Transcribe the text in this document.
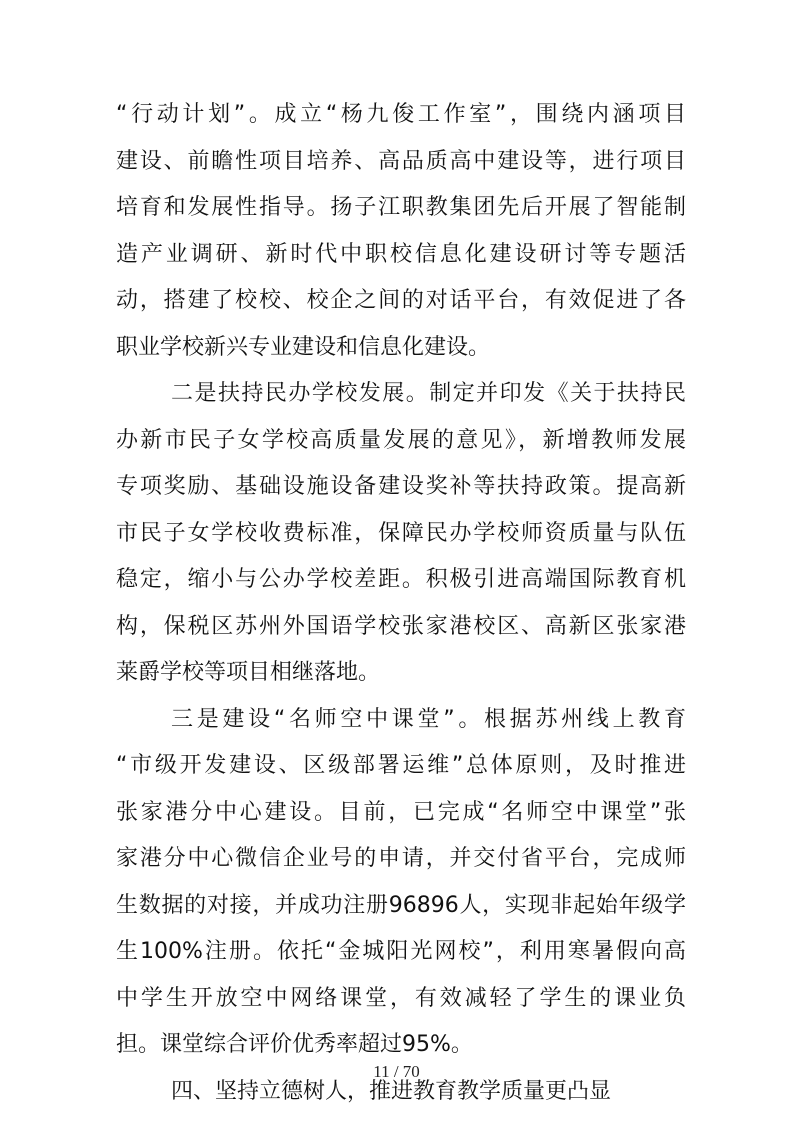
“行动计划”。成立“杨九俊工作室”，围绕内涵项目
建设、前瞻性项目培养、高品质高中建设等，进行项目
培育和发展性指导。扬子江职教集团先后开展了智能制
造产业调研、新时代中职校信息化建设研讨等专题活
动，搭建了校校、校企之间的对话平台，有效促进了各
职业学校新兴专业建设和信息化建设。
二是扶持民办学校发展。制定并印发《关于扶持民
办新市民子女学校高质量发展的意见》，新增教师发展
专项奖励、基础设施设备建设奖补等扶持政策。提高新
市民子女学校收费标准，保障民办学校师资质量与队伍
稳定，缩小与公办学校差距。积极引进高端国际教育机
构，保税区苏州外国语学校张家港校区、高新区张家港
莱爵学校等项目相继落地。
三是建设“名师空中课堂”。根据苏州线上教育
“市级开发建设、区级部署运维”总体原则，及时推进
张家港分中心建设。目前，已完成“名师空中课堂”张
家港分中心微信企业号的申请，并交付省平台，完成师
生数据的对接，并成功注册96896人，实现非起始年级学
生100%注册。依托“金城阳光网校”，利用寒暑假向高
中学生开放空中网络课堂，有效减轻了学生的课业负
担。课堂综合评价优秀率超过95%。
四、坚持立德树人，推进教育教学质量更凸显
11 / 70
